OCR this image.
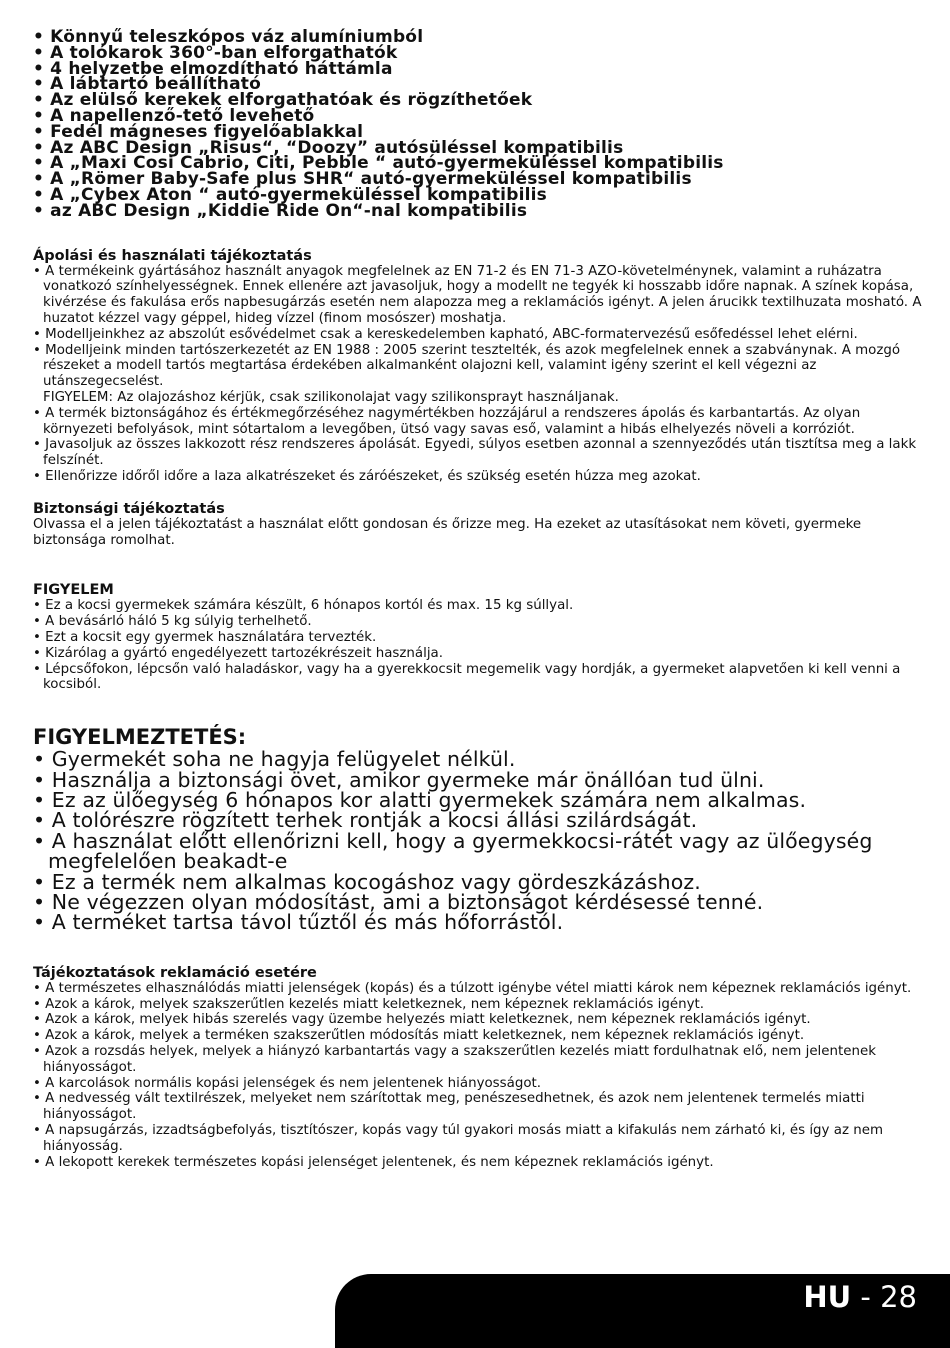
• Könnyű teleszkópos váz alumíniumból
• A tolókarok 360°-ban elforgathatók
• 4 helyzetbe elmozdítható háttámla
• A lábtartó beállítható
• Az elülső kerekek elforgathatóak és rögzíthetőek
• A napellenző-tető levehető
• Fedél mágneses figyelőablakkal
• Az ABC Design „Risus“, “Doozy” autósüléssel kompatibilis
• A „Maxi Cosi Cabrio, Citi, Pebble “ autó-gyermeküléssel kompatibilis
• A „Römer Baby-Safe plus SHR“ autó-gyermeküléssel kompatibilis
• A „Cybex Aton “ autó-gyermeküléssel kompatibilis
• az ABC Design „Kiddie Ride On“-nal kompatibilis
Ápolási és használati tájékoztatás
• A termékeink gyártásához használt anyagok megfelelnek az EN 71-2 és EN 71-3 AZO-követelménynek, valamint a ruházatra vonatkozó színhelyességnek. Ennek ellenére azt javasoljuk, hogy a modellt ne tegyék ki hosszabb időre napnak. A színek kopása, kivérzése és fakulása erős napbesugárzás esetén nem alapozza meg a reklamációs igényt. A jelen árucikk textilhuzata mosható. A huzatot kézzel vagy géppel, hideg vízzel (finom mosószer) moshatja.
• Modelljeinkhez az abszolút esővédelmet csak a kereskedelemben kapható, ABC-formatervezésű esőfedéssel lehet elérni.
• Modelljeink minden tartószerkezetét az EN 1988 : 2005 szerint tesztelték, és azok megfelelnek ennek a szabványnak. A mozgó részeket a modell tartós megtartása érdekében alkalmanként olajozni kell, valamint igény szerint el kell végezni az utánszegecselést.
FIGYELEM: Az olajozáshoz kérjük, csak szilikonolajat vagy szilikonsprayt használjanak.
• A termék biztonságához és értékmegőrzéséhez nagymértékben hozzájárul a rendszeres ápolás és karbantartás. Az olyan környezeti befolyások, mint sótartalom a levegőben, ütsó vagy savas eső, valamint a hibás elhelyezés növeli a korróziót.
• Javasoljuk az összes lakkozott rész rendszeres ápolását. Egyedi, súlyos esetben azonnal a szennyeződés után tisztítsa meg a lakk felszínét.
• Ellenőrizze időről időre a laza alkatrészeket és záróészeket, és szükség esetén húzza meg azokat.
Biztonsági tájékoztatás

Olvassa el a jelen tájékoztatást a használat előtt gondosan és őrizze meg. Ha ezeket az utasításokat nem követi, gyermeke biztonsága romolhat.

FIGYELEM
• Ez a kocsi gyermekek számára készült, 6 hónapos kortól és max. 15 kg súllyal.
• A bevásárló háló 5 kg súlyig terhelhető.
• Ezt a kocsit egy gyermek használatára tervezték.
• Kizárólag a gyártó engedélyezett tartozékrészeit használja.
• Lépcsőfokon, lépcsőn való haladáskor, vagy ha a gyerekkocsit megemelik vagy hordják, a gyermeket alapvetően ki kell venni a kocsiból.
FIGYELMEZTETÉS:
• Gyermekét soha ne hagyja felügyelet nélkül.
• Használja a biztonsági övet, amikor gyermeke már önállóan tud ülni.
• Ez az ülőegység 6 hónapos kor alatti gyermekek számára nem alkalmas.
• A tolórészre rögzített terhek rontják a kocsi állási szilárdságát.
• A használat előtt ellenőrizni kell, hogy a gyermekkocsi-rátét vagy az ülőegység megfelelően beakadt-e
• Ez a termék nem alkalmas kocogáshoz vagy gördeszkázáshoz.
• Ne végezzen olyan módosítást, ami a biztonságot kérdésessé tenné.
• A terméket tartsa távol tűztől és más hőforrástól.
Tájékoztatások reklamáció esetére
• A természetes elhasználódás miatti jelenségek (kopás) és a túlzott igénybe vétel miatti károk nem képeznek reklamációs igényt.
• Azok a károk, melyek szakszerűtlen kezelés miatt keletkeznek, nem képeznek reklamációs igényt.
• Azok a károk, melyek hibás szerelés vagy üzembe helyezés miatt keletkeznek, nem képeznek reklamációs igényt.
• Azok a károk, melyek a terméken szakszerűtlen módosítás miatt keletkeznek, nem képeznek reklamációs igényt.
• Azok a rozsdás helyek, melyek a hiányzó karbantartás vagy a szakszerűtlen kezelés miatt fordulhatnak elő, nem jelentenek hiányosságot.
• A karcolások normális kopási jelenségek és nem jelentenek hiányosságot.
• A nedvesség vált textilrészek, melyeket nem szárítottak meg, penészesedhetnek, és azok nem jelentenek termelés miatti hiányosságot.
• A napsugárzás, izzadtságbefolyás, tisztítószer, kopás vagy túl gyakori mosás miatt a kifakulás nem zárható ki, és így az nem hiányosság.
• A lekopott kerekek természetes kopási jelenséget jelentenek, és nem képeznek reklamációs igényt.
HU - 28
